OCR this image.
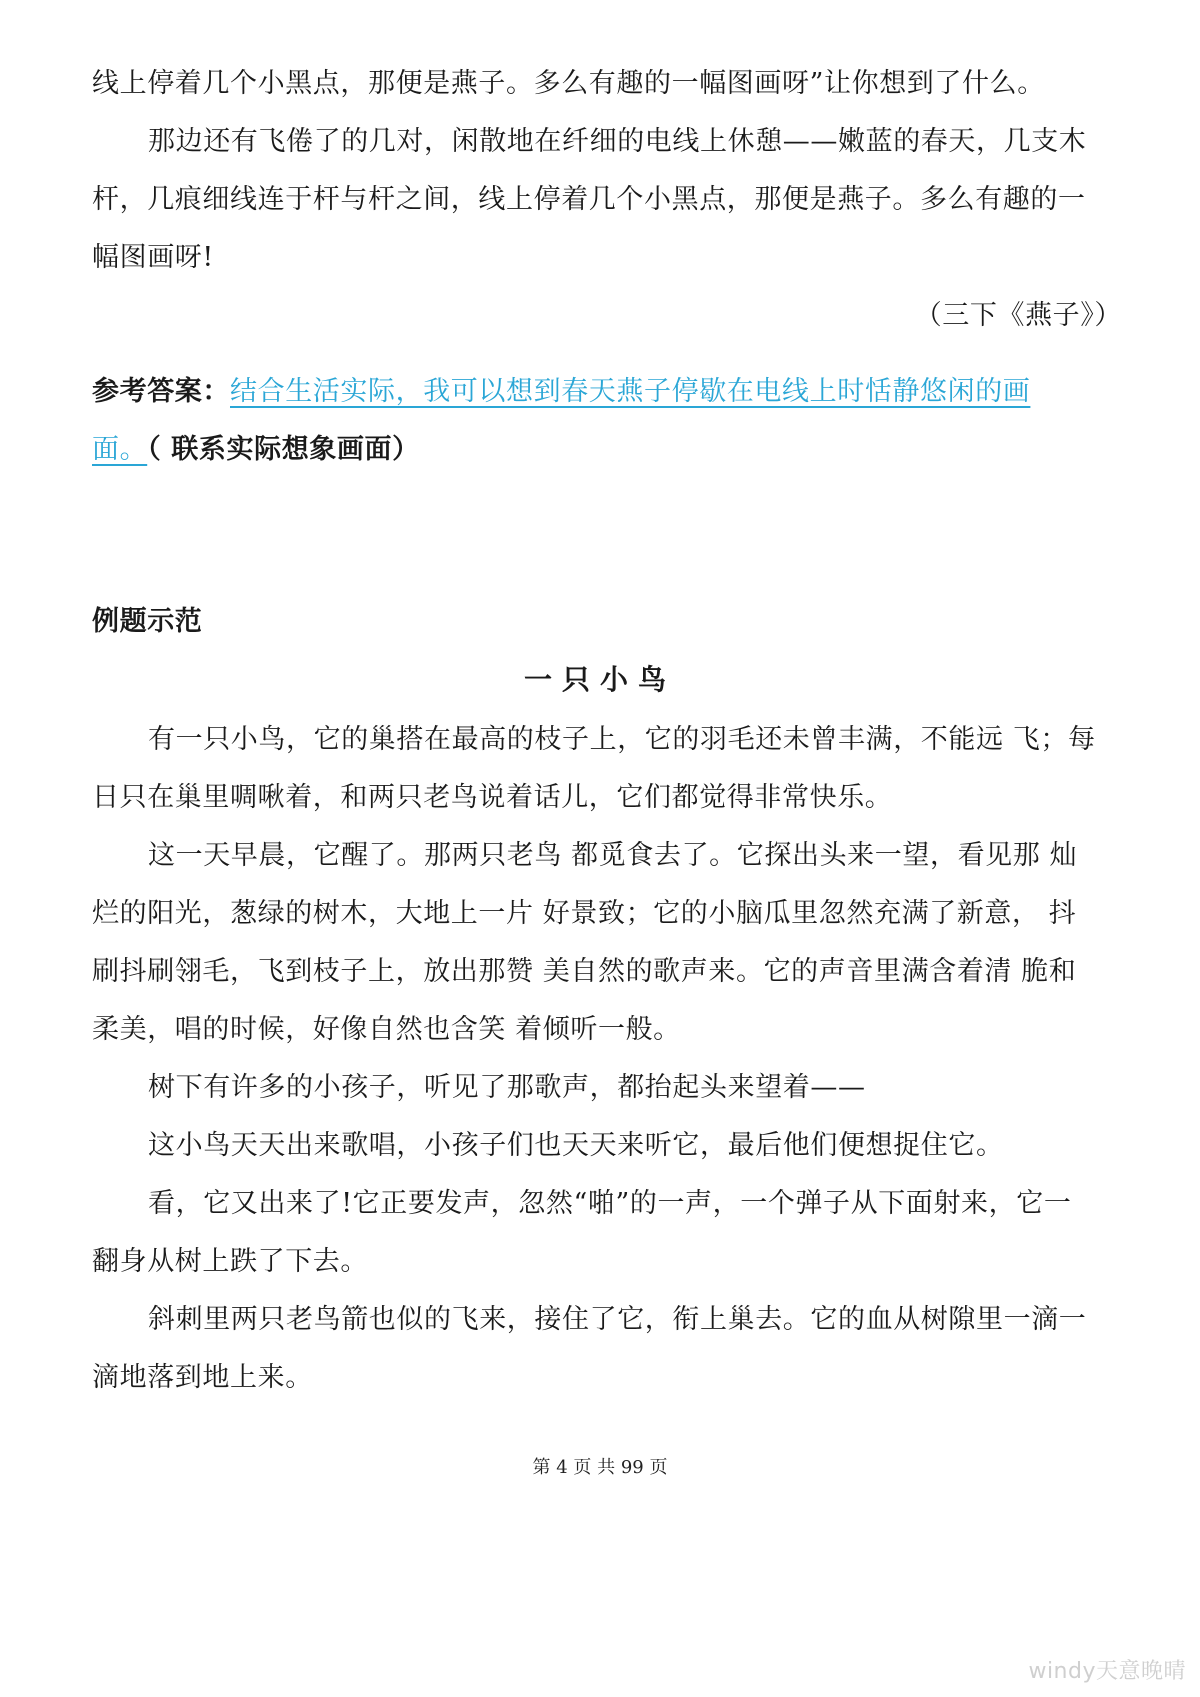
线上停着几个小黑点，那便是燕子。多么有趣的一幅图画呀”让你想到了什么。
那边还有飞倦了的几对，闲散地在纤细的电线上休憩——嫩蓝的春天，几支木
杆，几痕细线连于杆与杆之间，线上停着几个小黑点，那便是燕子。多么有趣的一
幅图画呀!
（三下《燕子》）
参考答案：结合生活实际，我可以想到春天燕子停歇在电线上时恬静悠闲的画
面。（ 联系实际想象画面）
例题示范
一只小鸟
有一只小鸟，它的巢搭在最高的枝子上，它的羽毛还未曾丰满，不能远 飞；每
日只在巢里啁啾着，和两只老鸟说着话儿，它们都觉得非常快乐。
这一天早晨，它醒了。那两只老鸟 都觅食去了。它探出头来一望，看见那 灿
烂的阳光，葱绿的树木，大地上一片 好景致；它的小脑瓜里忽然充满了新意， 抖
刷抖刷翎毛，飞到枝子上，放出那赞 美自然的歌声来。它的声音里满含着清 脆和
柔美，唱的时候，好像自然也含笑 着倾听一般。
树下有许多的小孩子，听见了那歌声，都抬起头来望着——
这小鸟天天出来歌唱，小孩子们也天天来听它，最后他们便想捉住它。
看，它又出来了!它正要发声，忽然“啪”的一声，一个弹子从下面射来，它一
翻身从树上跌了下去。
斜刺里两只老鸟箭也似的飞来，接住了它，衔上巢去。它的血从树隙里一滴一
滴地落到地上来。
第 4 页 共 99 页
windy天意晚晴
